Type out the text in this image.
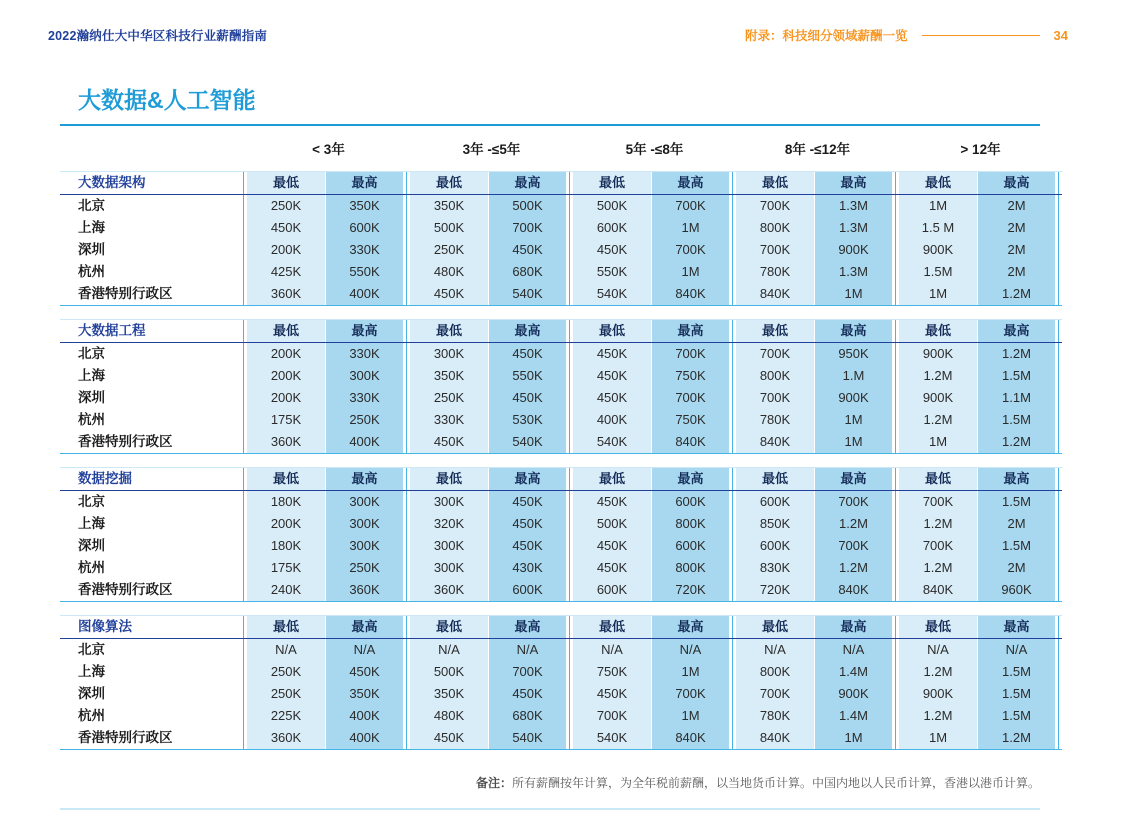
2022瀚纳仕大中华区科技行业薪酬指南	附录：科技细分领域薪酬一览	34
大数据&人工智能
< 3年	3年 -≤5年	5年 -≤8年	8年 -≤12年	> 12年
大数据架构	最低	最高	最低	最高	最低	最高	最低	最高	最低	最高
北京	250K	350K	350K	500K	500K	700K	700K	1.3M	1M	2M
上海	450K	600K	500K	700K	600K	1M	800K	1.3M	1.5 M	2M
深圳	200K	330K	250K	450K	450K	700K	700K	900K	900K	2M
杭州	425K	550K	480K	680K	550K	1M	780K	1.3M	1.5M	2M
香港特别行政区	360K	400K	450K	540K	540K	840K	840K	1M	1M	1.2M
大数据工程	最低	最高	最低	最高	最低	最高	最低	最高	最低	最高
北京	200K	330K	300K	450K	450K	700K	700K	950K	900K	1.2M
上海	200K	300K	350K	550K	450K	750K	800K	1.M	1.2M	1.5M
深圳	200K	330K	250K	450K	450K	700K	700K	900K	900K	1.1M
杭州	175K	250K	330K	530K	400K	750K	780K	1M	1.2M	1.5M
香港特别行政区	360K	400K	450K	540K	540K	840K	840K	1M	1M	1.2M
数据挖掘	最低	最高	最低	最高	最低	最高	最低	最高	最低	最高
北京	180K	300K	300K	450K	450K	600K	600K	700K	700K	1.5M
上海	200K	300K	320K	450K	500K	800K	850K	1.2M	1.2M	2M
深圳	180K	300K	300K	450K	450K	600K	600K	700K	700K	1.5M
杭州	175K	250K	300K	430K	450K	800K	830K	1.2M	1.2M	2M
香港特别行政区	240K	360K	360K	600K	600K	720K	720K	840K	840K	960K
图像算法	最低	最高	最低	最高	最低	最高	最低	最高	最低	最高
北京	N/A	N/A	N/A	N/A	N/A	N/A	N/A	N/A	N/A	N/A
上海	250K	450K	500K	700K	750K	1M	800K	1.4M	1.2M	1.5M
深圳	250K	350K	350K	450K	450K	700K	700K	900K	900K	1.5M
杭州	225K	400K	480K	680K	700K	1M	780K	1.4M	1.2M	1.5M
香港特别行政区	360K	400K	450K	540K	540K	840K	840K	1M	1M	1.2M
备注：所有薪酬按年计算，为全年税前薪酬，以当地货币计算。中国内地以人民币计算，香港以港币计算。
